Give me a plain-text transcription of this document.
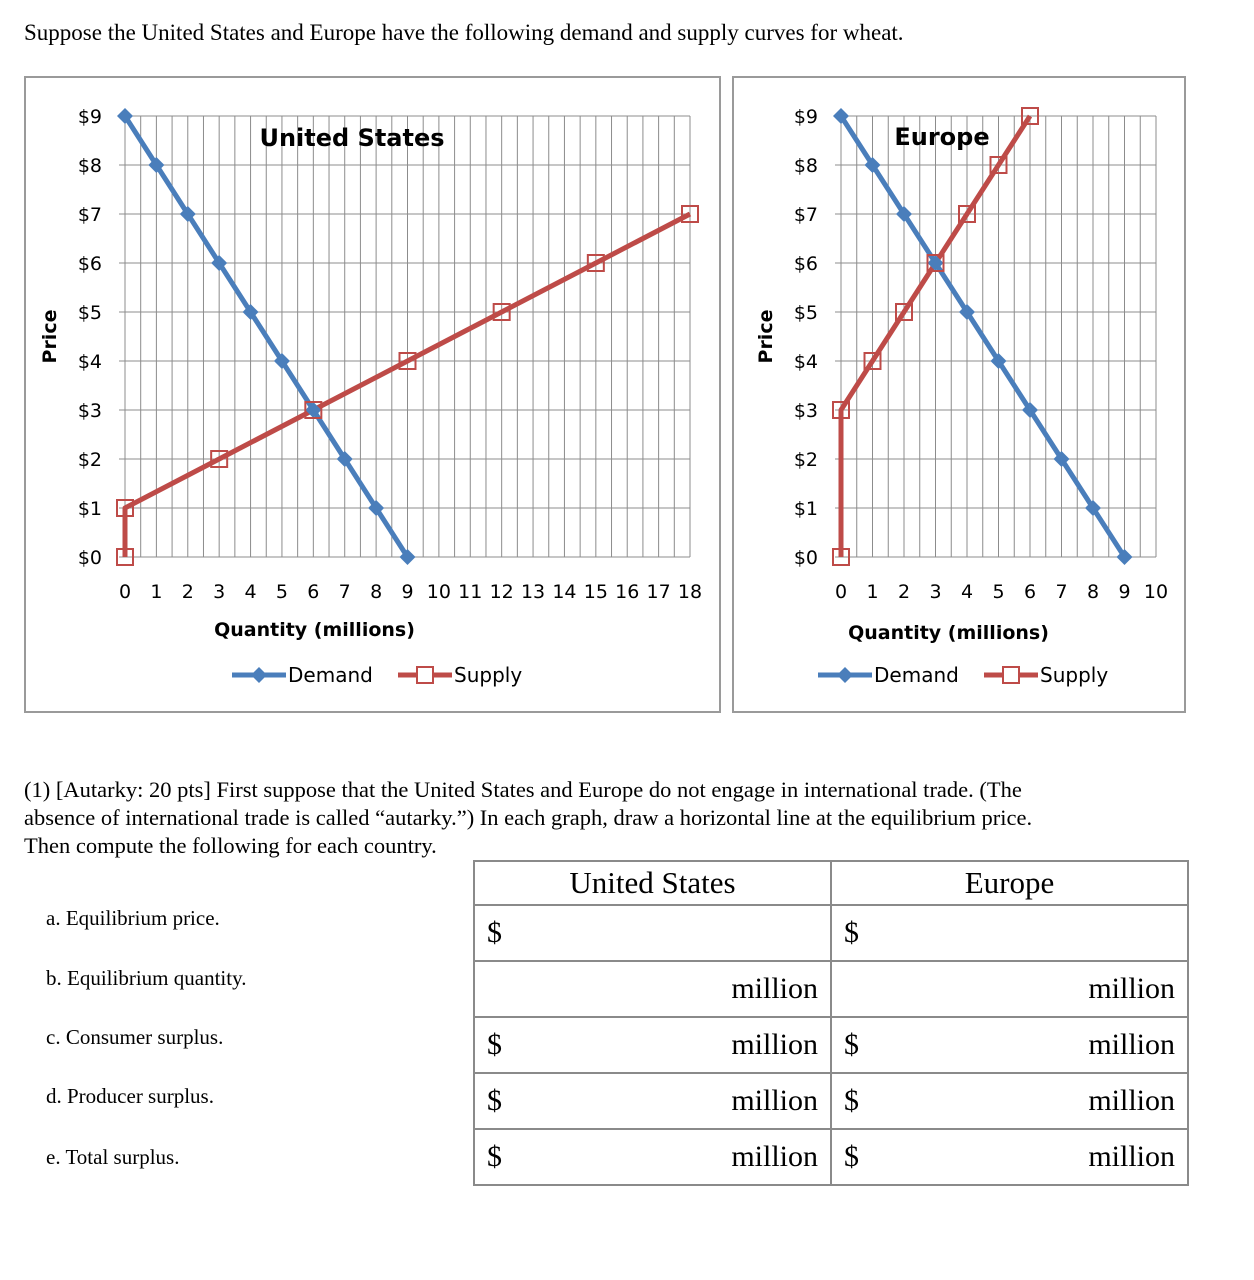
Suppose the United States and Europe have the following demand and supply curves for wheat.
$0
$1
$2
$3
$4
$5
$6
$7
$8
$9
0 1 2 3 4 5 6 7 8 9 10 11 12 13 14 15 16 17 18
Quantity (millions)
Price
United States
Demand	Supply
$0
$1
$2
$3
$4
$5
$6
$7
$8
$9
0 1 2 3 4 5 6 7 8 9 10
Quantity (millions)
Price
Europe
Demand	Supply
(1) [Autarky: 20 pts] First suppose that the United States and Europe do not engage in international trade. (The
absence of international trade is called “autarky.”) In each graph, draw a horizontal line at the equilibrium price.
Then compute the following for each country.
a. Equilibrium price.
b. Equilibrium quantity.
c. Consumer surplus.
d. Producer surplus.
e. Total surplus.
United States	Europe

$	$

million	million

$ million	$ million

$ million	$ million

$ million	$ million
